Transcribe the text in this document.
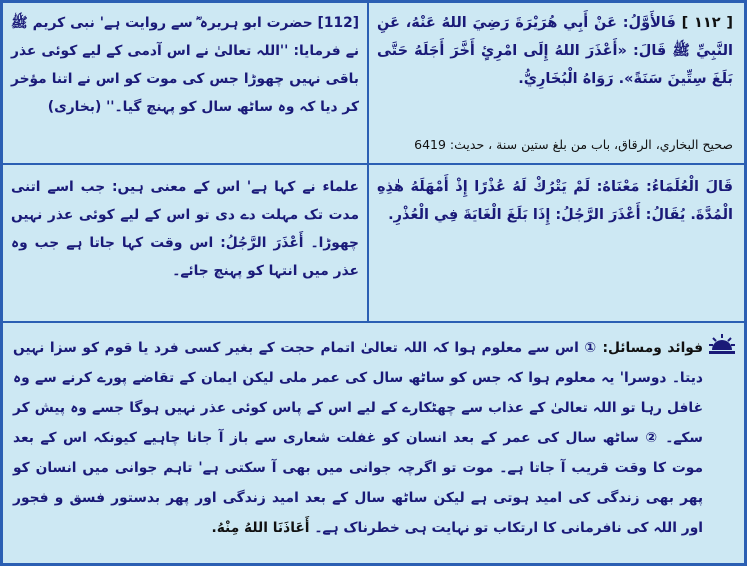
[ ١١٢ ] فَالأَوَّلُ: عَنْ أَبِي هُرَيْرَةَ رَضِيَ اللهُ عَنْهُ، عَنِ النَّبِيِّ ﷺ قَالَ: «أَعْذَرَ اللهُ إِلَى امْرِئٍ أَخَّرَ أَجَلَهُ حَتَّى بَلَغَ سِتِّينَ سَنَةً». رَوَاهُ الْبُخَارِيُّ.
صحيح البخاري، الرقاق، باب من بلغ ستين سنة ، حديث: 6419
[112] حضرت ابو ہریرہ ؓ سے روایت ہے' نبی کریم ﷺ نے فرمایا: ''اللہ تعالیٰ نے اس آدمی کے لیے کوئی عذر باقی نہیں چھوڑا جس کی موت کو اس نے اتنا مؤخر کر دیا کہ وہ ساٹھ سال کو پہنچ گیا۔'' (بخاری)
قَالَ الْعُلَمَاءُ: مَعْنَاهُ: لَمْ يَتْرُكْ لَهُ عُذْرًا إِذْ أَمْهَلَهُ هٰذِهِ الْمُدَّةَ. يُقَالُ: أَعْذَرَ الرَّجُلُ: إِذَا بَلَغَ الْغَايَةَ فِي الْعُذْرِ.
علماء نے کہا ہے' اس کے معنی ہیں: جب اسے اتنی مدت تک مہلت دے دی تو اس کے لیے کوئی عذر نہیں چھوڑا۔ أَعْذَرَ الرَّجُلُ: اس وقت کہا جاتا ہے جب وہ عذر میں انتہا کو پہنچ جائے۔
فوائد ومسائل: ① اس سے معلوم ہوا کہ اللہ تعالیٰ اتمام حجت کے بغیر کسی فرد یا قوم کو سزا نہیں دیتا۔ دوسرا' یہ معلوم ہوا کہ جس کو ساٹھ سال کی عمر ملی لیکن ایمان کے تقاضے پورے کرنے سے وہ غافل رہا تو اللہ تعالیٰ کے عذاب سے چھٹکارے کے لیے اس کے پاس کوئی عذر نہیں ہوگا جسے وہ پیش کر سکے۔ ② ساٹھ سال کی عمر کے بعد انسان کو غفلت شعاری سے باز آ جانا چاہیے کیونکہ اس کے بعد موت کا وقت قریب آ جاتا ہے۔ موت تو اگرچہ جوانی میں بھی آ سکتی ہے' تاہم جوانی میں انسان کو پھر بھی زندگی کی امید ہوتی ہے لیکن ساٹھ سال کے بعد امید زندگی اور پھر بدستور فسق و فجور اور اللہ کی نافرمانی کا ارتکاب تو نہایت ہی خطرناک ہے۔ أَعَاذَنَا اللهُ مِنْهُ.
